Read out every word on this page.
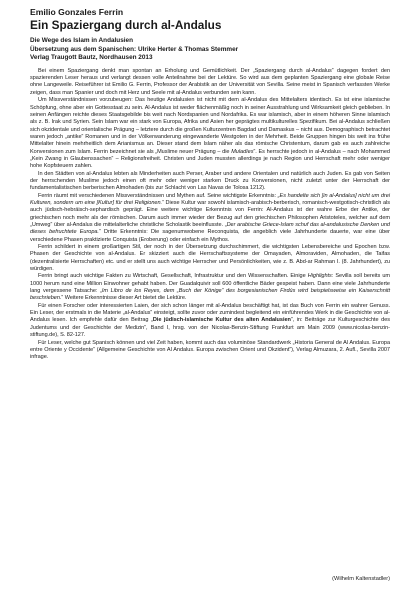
Emilio Gonzales Ferrin

Ein Spaziergang durch al-Andalus

Die Wege des Islam in Andalusien

Übersetzung aus dem Spanischen: Ulrike Herter & Thomas Stemmer

Verlag Traugott Bautz, Nordhausen 2013

Bei einem Spaziergang denkt man spontan an Erholung und Gemütlichkeit. Der „Spaziergang durch al-Andalus“ dagegen fordert den spazierenden Leser heraus und verlangt dessen volle Anteilnahme bei der Lektüre. So wird aus dem geplanten Spaziergang eine globale Reise ohne Langeweile. Reiseführer ist Emilio G. Ferrin, Professor der Arabistik an der Universität von Sevilla. Seine meist in Spanisch verfassten Werke zeigen, dass man Spanier und doch mit Herz und Seele mit al-Andalus verbunden sein kann.

Um Missverständnissen vorzubeugen: Das heutige Andalusien ist nicht mit dem al-Andalus des Mittelalters identisch. Es ist eine islamische Schöpfung, ohne aber ein Gottesstaat zu sein. Al-Andalus ist weder flächenmäßig noch in seiner Ausstrahlung und Wirksamkeit gleich geblieben. In seinen Anfängen reichte dieses Staatsgebilde bis weit nach Nordspanien und Nordafrika. Es war islamisch, aber in einem höheren Sinne islamisch als z. B. Irak und Syrien. Sein Islam war ein stark von Europa, Afrika und Asien her geprägtes multikulturelles Spezifikum. Bei al-Andalus schließen sich okzidentale und orientalische Prägung – letztere durch die großen Kulturzentren Bagdad und Damaskus – nicht aus. Demographisch betrachtet waren jedoch „antike“ Romanen und in der Völkerwanderung eingewanderte Westgoten in der Mehrheit. Beide Gruppen hingen bis weit ins frühe Mittelalter hinein mehrheitlich dem Arianismus an. Dieser stand dem Islam näher als das römische Christentum, darum gab es auch zahlreiche Konversionen zum Islam. Ferrin bezeichnet sie als „Muslime neuer Prägung – die Muladíes“. Es herrschte jedoch in al-Andalus – nach Mohammed „Kein Zwang in Glaubenssachen“ – Religionsfreiheit. Christen und Juden mussten allerdings je nach Region und Herrschaft mehr oder weniger hohe Kopfsteuern zahlen.

In den Städten von al-Andalus lebten als Minderheiten auch Perser, Araber und andere Orientalen und natürlich auch Juden. Es gab von Seiten der herrschenden Muslime jedoch einen oft mehr oder weniger starken Druck zu Konversionen, nicht zuletzt unter der Herrschaft der fundamentalistischen berberischen Almohaden (bis zur Schlacht von Las Navas de Tolosa 1212).

Ferrin räumt mit verschiedenen Missverständnissen und Mythen auf. Seine wichtigste Erkenntnis: „Es handelte sich [in al-Andalus] nicht um drei Kulturen, sondern um eine [Kultur] für drei Religionen.“ Diese Kultur war sowohl islamisch-arabisch-berberisch, romanisch-westgotisch-christlich als auch jüdisch-hebräisch-sephardisch geprägt. Eine weitere wichtige Erkenntnis von Ferrin: Al-Andalus ist der wahre Erbe der Antike, der griechischen noch mehr als der römischen. Darum auch immer wieder der Bezug auf den griechischen Philosophen Aristoteles, welcher auf dem „Umweg“ über al-Andalus die mittelalterliche christliche Scholastik beeinflusste. „Der arabische Griece-Islam schuf das al-andalusische Denken und dieses befruchtete Europa.“ Dritte Erkenntnis: Die sagenumwobene Reconquista, die angeblich viele Jahrhunderte dauerte, war eine über verschiedene Phasen praktizierte Conquista (Eroberung) oder einfach ein Mythos.

Ferrin schildert in einem großartigen Stil, der noch in der Übersetzung durchschimmert, die wichtigsten Lebensbereiche und Epochen bzw. Phasen der Geschichte von al-Andalus. Er skizziert auch die Herrschaftssysteme der Omayaden, Almoraviden, Almohaden, die Taifas (dezentralisierte Herrschaften) etc. und er stellt uns auch wichtige Herrscher und Persönlichkeiten, wie z. B. Abd-ar Rahman I. (8. Jahrhundert), zu würdigen.

Ferrin bringt auch wichtige Fakten zu Wirtschaft, Gesellschaft, Infrastruktur und den Wissenschaften. Einige Highlights: Sevilla soll bereits um 1000 herum rund eine Million Einwohner gehabt haben. Der Guadalquivir soll 600 öffentliche Bäder gespeist haben. Dann eine viele Jahrhunderte lang vergessene Tatsache: „Im Libro de los Reyes, dem „Buch der Könige“ des borgesianischen Firdús wird beispielsweise ein Kaiserschnitt beschrieben.“ Weitere Erkenntnisse dieser Art bietet die Lektüre.

Für einen Forscher oder interessierten Laien, der sich schon länger mit al-Andalus beschäftigt hat, ist das Buch von Ferrin ein wahrer Genuss. Ein Leser, der erstmals in die Materie „al-Andalus“ einsteigt, sollte zuvor oder zumindest begleitend ein einführendes Werk in die Geschichte von al-Andalus lesen. Ich empfehle dafür den Beitrag „Die jüdisch-islamische Kultur des alten Andalusien“, in: Beiträge zur Kulturgeschichte des Judentums und der Geschichte der Medizin“, Band I, hrsg. von der Nicolas-Benzin-Stiftung Frankfurt am Main 2009 (www.nicolas-benzin-stiftung.de), S. 82-127.

Für Leser, welche gut Spanisch können und viel Zeit haben, kommt auch das voluminöse Standardwerk „Historia General de Al Andalus. Europa entre Oriente y Occidente“ (Allgemeine Geschichte von Al Andalus. Europa zwischen Orient und Okzident“), Verlag Almuzara, 2. Aufl., Sevilla 2007 infrage.

(Wilhelm Kaltenstadler)
